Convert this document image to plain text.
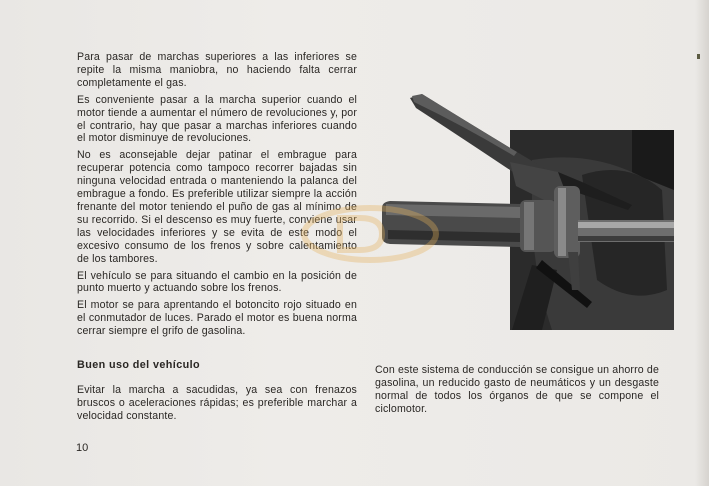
Para pasar de marchas superiores a las inferiores se repite la misma maniobra, no haciendo falta cerrar completamente el gas.

Es conveniente pasar a la marcha superior cuando el motor tiende a aumentar el número de revoluciones y, por el contrario, hay que pasar a marchas inferiores cuando el motor disminuye de revoluciones.

No es aconsejable dejar patinar el embrague para recuperar potencia como tampoco recorrer bajadas sin ninguna velocidad entrada o manteniendo la palanca del embrague a fondo. Es preferible utilizar siempre la acción frenante del motor teniendo el puño de gas al mínimo de su recorrido. Si el descenso es muy fuerte, conviene usar las velocidades inferiores y se evita de este modo el excesivo consumo de los frenos y sobre calentamiento de los tambores.

El vehículo se para situando el cambio en la posición de punto muerto y actuando sobre los frenos.

El motor se para aprentando el botoncito rojo situado en el conmutador de luces. Parado el motor es buena norma cerrar siempre el grifo de gasolina.

Buen uso del vehículo

Evitar la marcha a sacudidas, ya sea con frenazos bruscos o aceleraciones rápidas; es preferible marchar a velocidad constante.

Con este sistema de conducción se consigue un ahorro de gasolina, un reducido gasto de neumáticos y un desgaste normal de todos los órganos de que se compone el ciclomotor.

10
